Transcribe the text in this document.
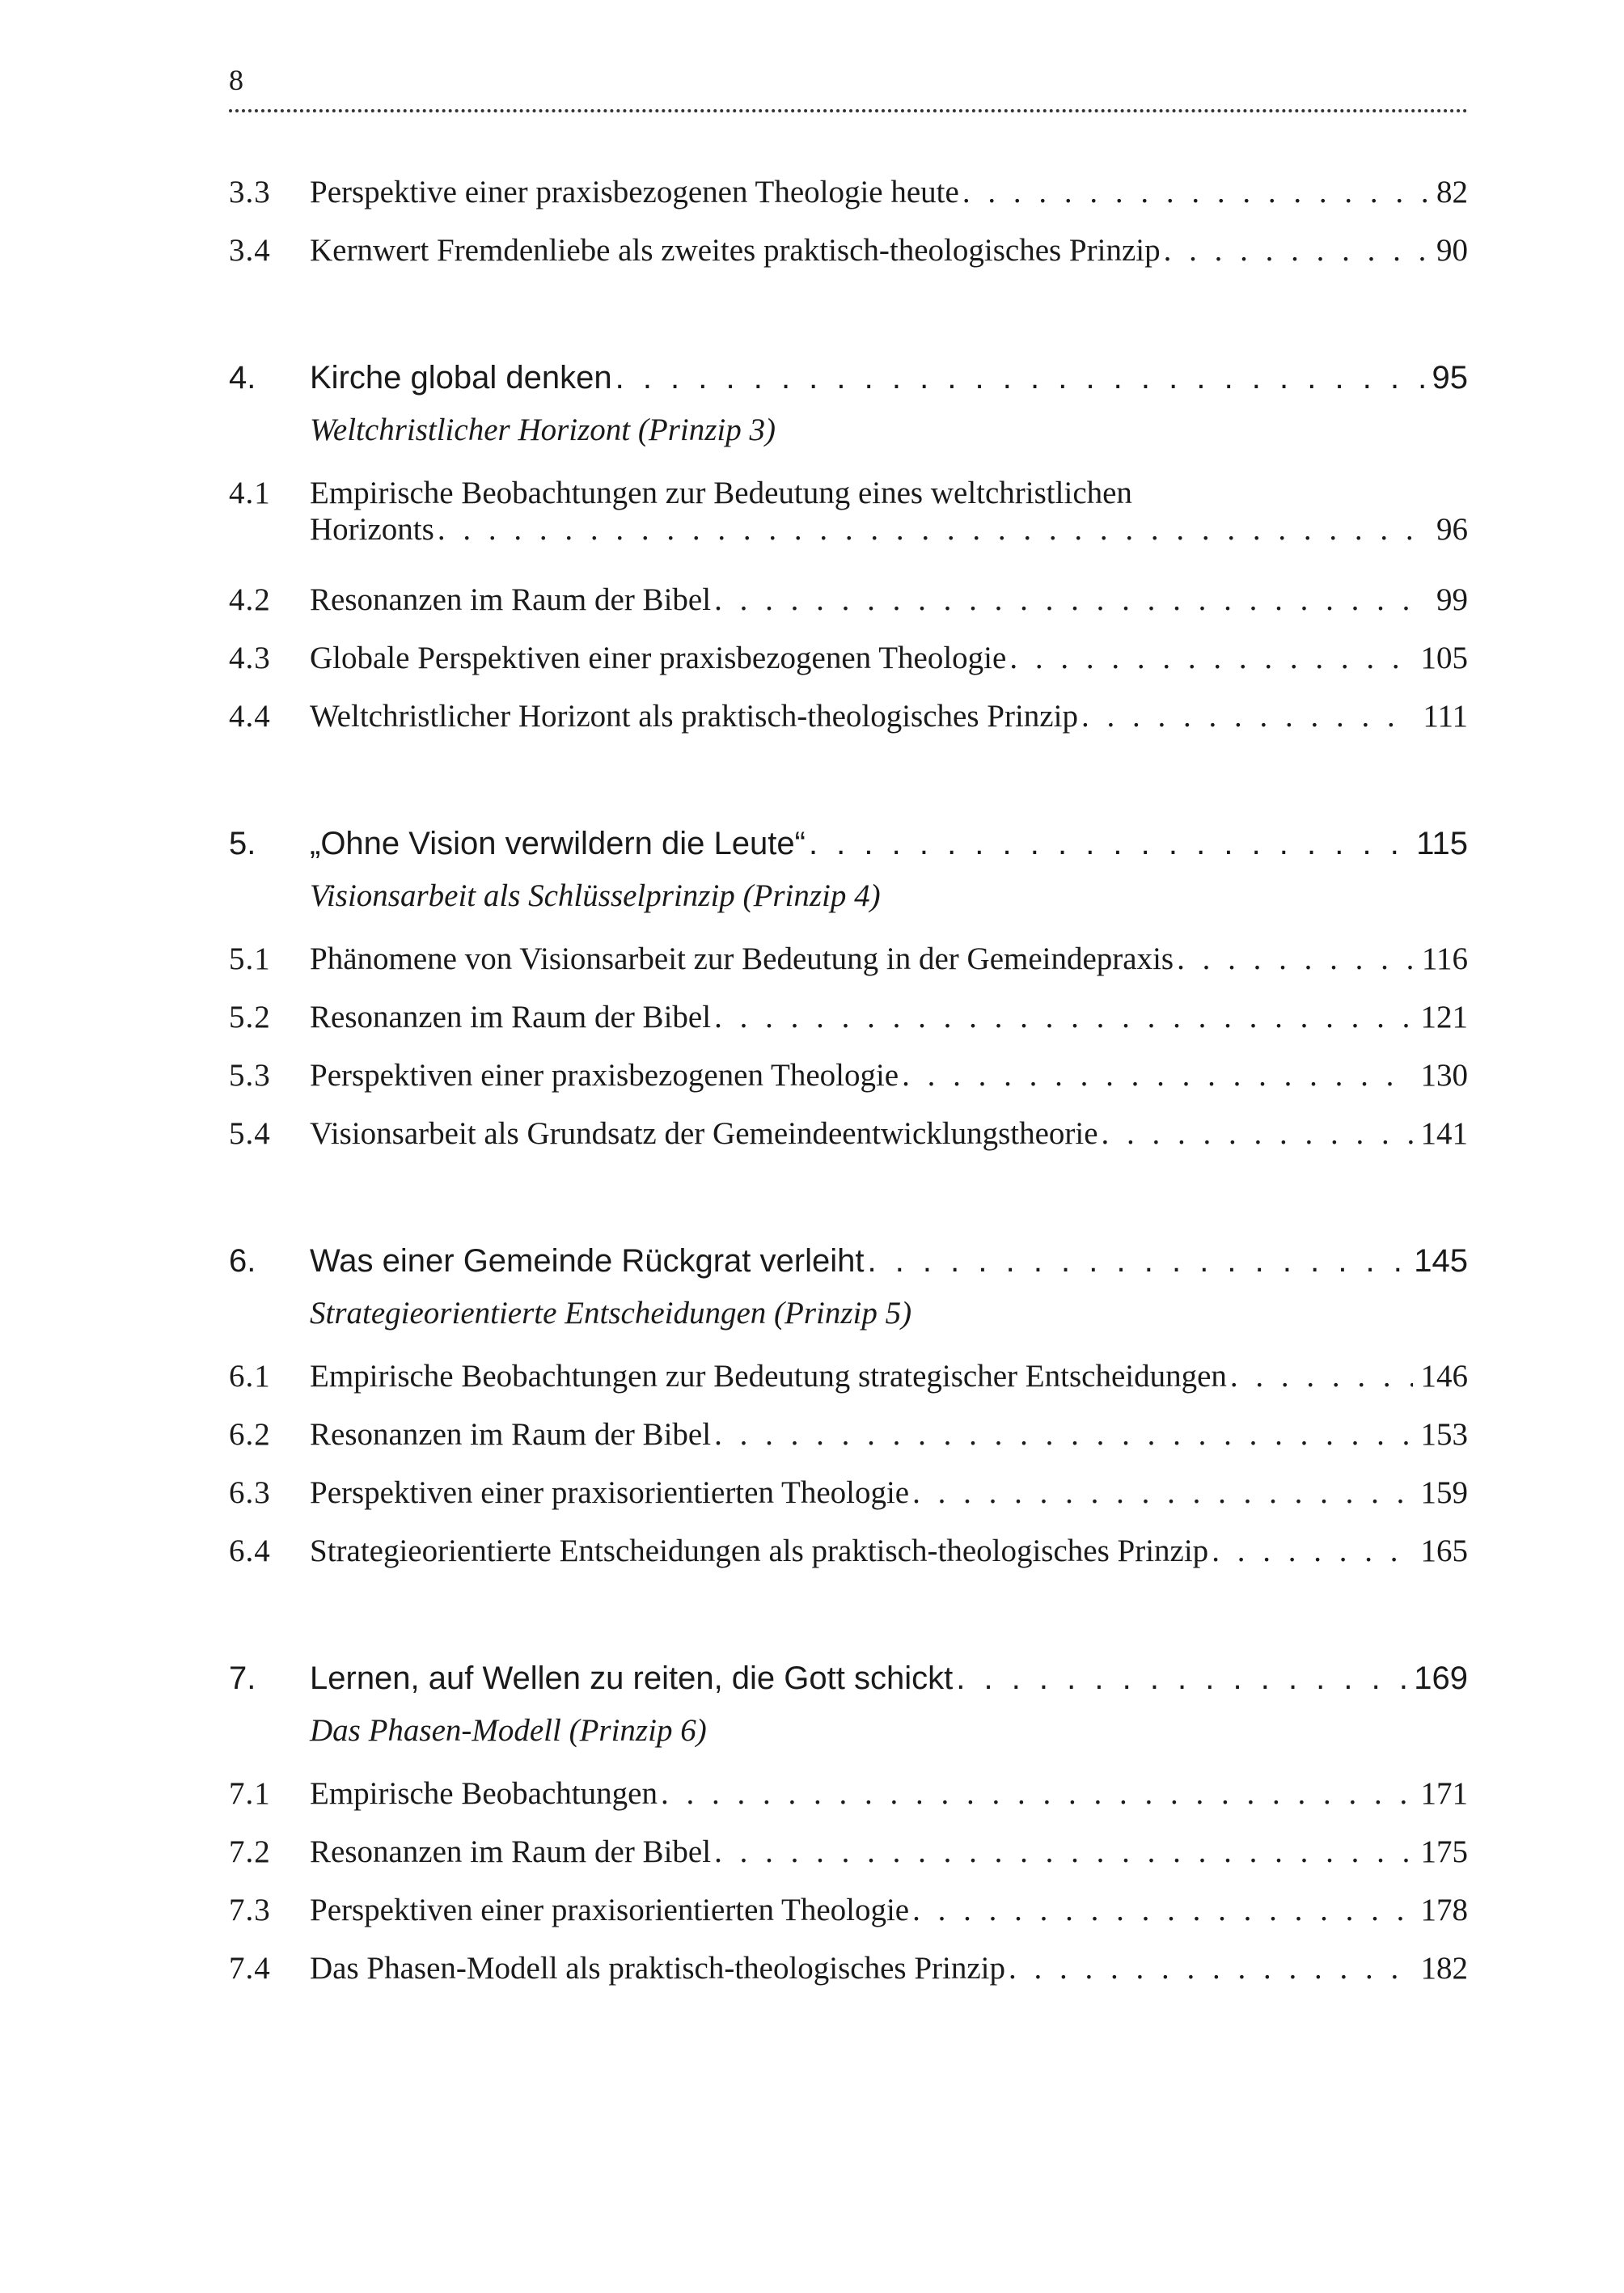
8
3.3	Perspektive einer praxisbezogenen Theologie heute . . .	82
3.4	Kernwert Fremdenliebe als zweites praktisch-theologisches Prinzip . . .	90
4.	Kirche global denken . . .	95
Weltchristlicher Horizont (Prinzip 3)
4.1	Empirische Beobachtungen zur Bedeutung eines weltchristlichen
Horizonts . . .	96
4.2	Resonanzen im Raum der Bibel . . .	99
4.3	Globale Perspektiven einer praxisbezogenen Theologie . . .	105
4.4	Weltchristlicher Horizont als praktisch-theologisches Prinzip . . .	111
5.	„Ohne Vision verwildern die Leute“ . . .	115
Visionsarbeit als Schlüsselprinzip (Prinzip 4)
5.1	Phänomene von Visionsarbeit zur Bedeutung in der Gemeindepraxis . . .	116
5.2	Resonanzen im Raum der Bibel . . .	121
5.3	Perspektiven einer praxisbezogenen Theologie . . .	130
5.4	Visionsarbeit als Grundsatz der Gemeindeentwicklungstheorie . . .	141
6.	Was einer Gemeinde Rückgrat verleiht . . .	145
Strategieorientierte Entscheidungen (Prinzip 5)
6.1	Empirische Beobachtungen zur Bedeutung strategischer Entscheidungen . . .	146
6.2	Resonanzen im Raum der Bibel . . .	153
6.3	Perspektiven einer praxisorientierten Theologie . . .	159
6.4	Strategieorientierte Entscheidungen als praktisch-theologisches Prinzip . . .	165
7.	Lernen, auf Wellen zu reiten, die Gott schickt . . .	169
Das Phasen-Modell (Prinzip 6)
7.1	Empirische Beobachtungen . . .	171
7.2	Resonanzen im Raum der Bibel . . .	175
7.3	Perspektiven einer praxisorientierten Theologie . . .	178
7.4	Das Phasen-Modell als praktisch-theologisches Prinzip . . .	182
